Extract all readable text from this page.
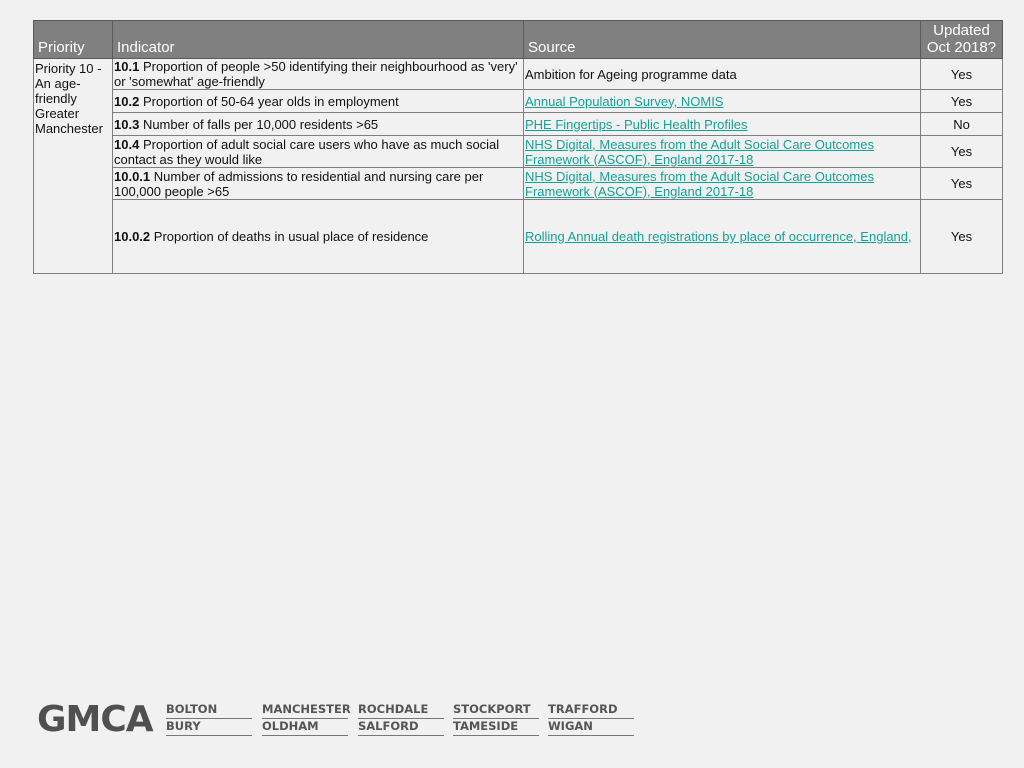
Priority	Indicator	Source	Updated Oct 2018?
Priority 10 - An age-friendly Greater Manchester	10.1 Proportion of people >50 identifying their neighbourhood as 'very' or 'somewhat' age-friendly	Ambition for Ageing programme data	Yes
	10.2 Proportion of 50-64 year olds in employment	Annual Population Survey, NOMIS	Yes
	10.3 Number of falls per 10,000 residents >65	PHE Fingertips - Public Health Profiles	No
	10.4 Proportion of adult social care users who have as much social contact as they would like	NHS Digital, Measures from the Adult Social Care Outcomes Framework (ASCOF), England 2017-18	Yes
	10.0.1 Number of admissions to residential and nursing care per 100,000 people >65	NHS Digital, Measures from the Adult Social Care Outcomes Framework (ASCOF), England 2017-18	Yes
	10.0.2 Proportion of deaths in usual place of residence	Rolling Annual death registrations by place of occurrence, England,	Yes
GMCA BOLTON
BURY
MANCHESTER
OLDHAM
ROCHDALE
SALFORD
STOCKPORT
TAMESIDE
TRAFFORD
WIGAN
